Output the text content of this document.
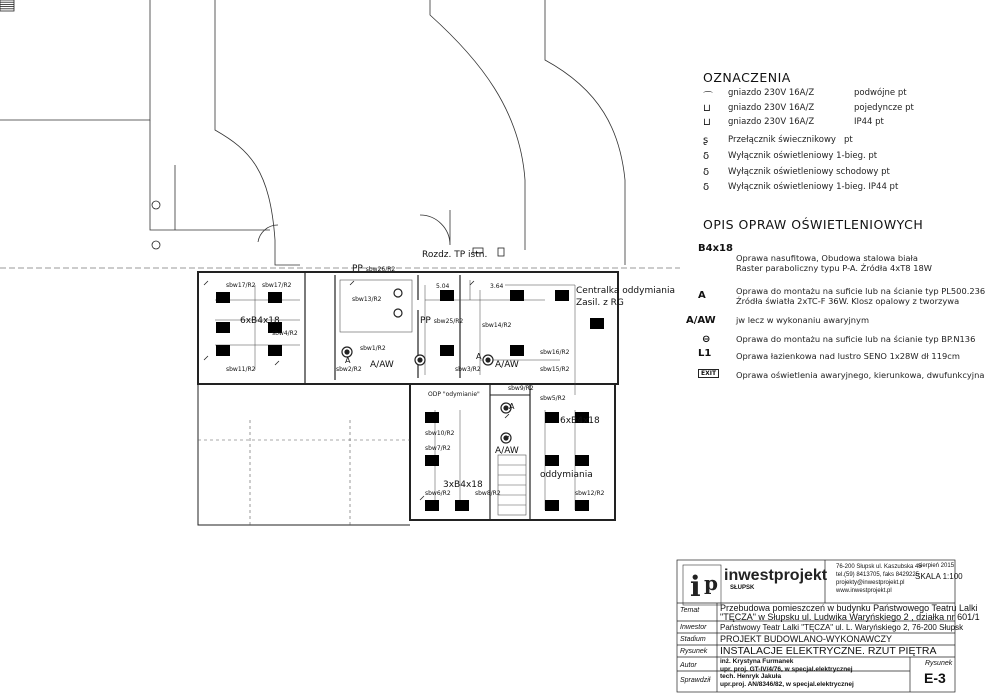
i p
OZNACZENIA
⌒ gniazdo 230V 16A/Z	podwójne pt
⊔ gniazdo 230V 16A/Z	pojedyncze pt
⊔ gniazdo 230V 16A/Z	IP44 pt
ʂ Przełącznik świecznikowy pt
δ Wyłącznik oświetleniowy 1-bieg. pt
δ Wyłącznik oświetleniowy schodowy pt
δ Wyłącznik oświetleniowy 1-bieg. IP44 pt
OPIS OPRAW OŚWIETLENIOWYCH
B4x18
Oprawa nasufitowa, Obudowa stalowa biała
Raster paraboliczny typu P-A. Źródła 4xT8 18W
A	Oprawa do montażu na suficie lub na ścianie typ PL500.236
Źródła światła 2xTC-F 36W. Klosz opalowy z tworzywa
A/AW jw lecz w wykonaniu awaryjnym
⊖	Oprawa do montażu na suficie lub na ścianie typ BP.N136
L1	Oprawa łazienkowa nad lustro SENO 1x28W dł 119cm
EXIT	Oprawa oświetlenia awaryjnego, kierunkowa, dwufunkcyjna
Rozdz. TP istn.
PP sbw26/R2
Centralka oddymiania
Zasil. z RG
6xB4x18
6xB4x18
3xB4x18
oddymiania
PP sbw25/R2
A/AW	A/AW
A/AW
A	A
A
ODP "odymianie"
5.04	3.64
sbw17/R2 sbw17/R2
sbw4/R2
sbw11/R2
sbw13/R2
sbw1/R2
sbw2/R2
sbw14/R2
sbw16/R2
sbw3/R2	sbw15/R2
sbw9/R2
sbw10/R2
sbw7/R2
sbw5/R2
sbw6/R2	sbw8/R2	sbw12/R2
inwestprojekt
SŁUPSK
76-200 Słupsk ul. Kaszubska 45
tel.(59) 8413705, faks 8429225
projekty@inwestprojekt.pl
www.inwestprojekt.pl
sierpień 2015
SKALA 1:100
Temat Przebudowa pomieszczeń w budynku Państwowego Teatru Lalki
"TĘCZA" w Słupsku ul. Ludwika Waryńskiego 2 , działka nr 601/1
Inwestor Państwowy Teatr Lalki "TĘCZA" ul. L. Waryńskiego 2, 76-200 Słupsk
Stadium PROJEKT BUDOWLANO-WYKONAWCZY
Rysunek INSTALACJE ELEKTRYCZNE. RZUT PIĘTRA
Autor
inż. Krystyna Furmanek
upr. proj. GT-IV/4/76, w specjal.elektrycznej
Sprawdził
tech. Henryk Jakuła
upr.proj. AN/8346/82, w specjal.elektrycznej
Rysunek
E-3
